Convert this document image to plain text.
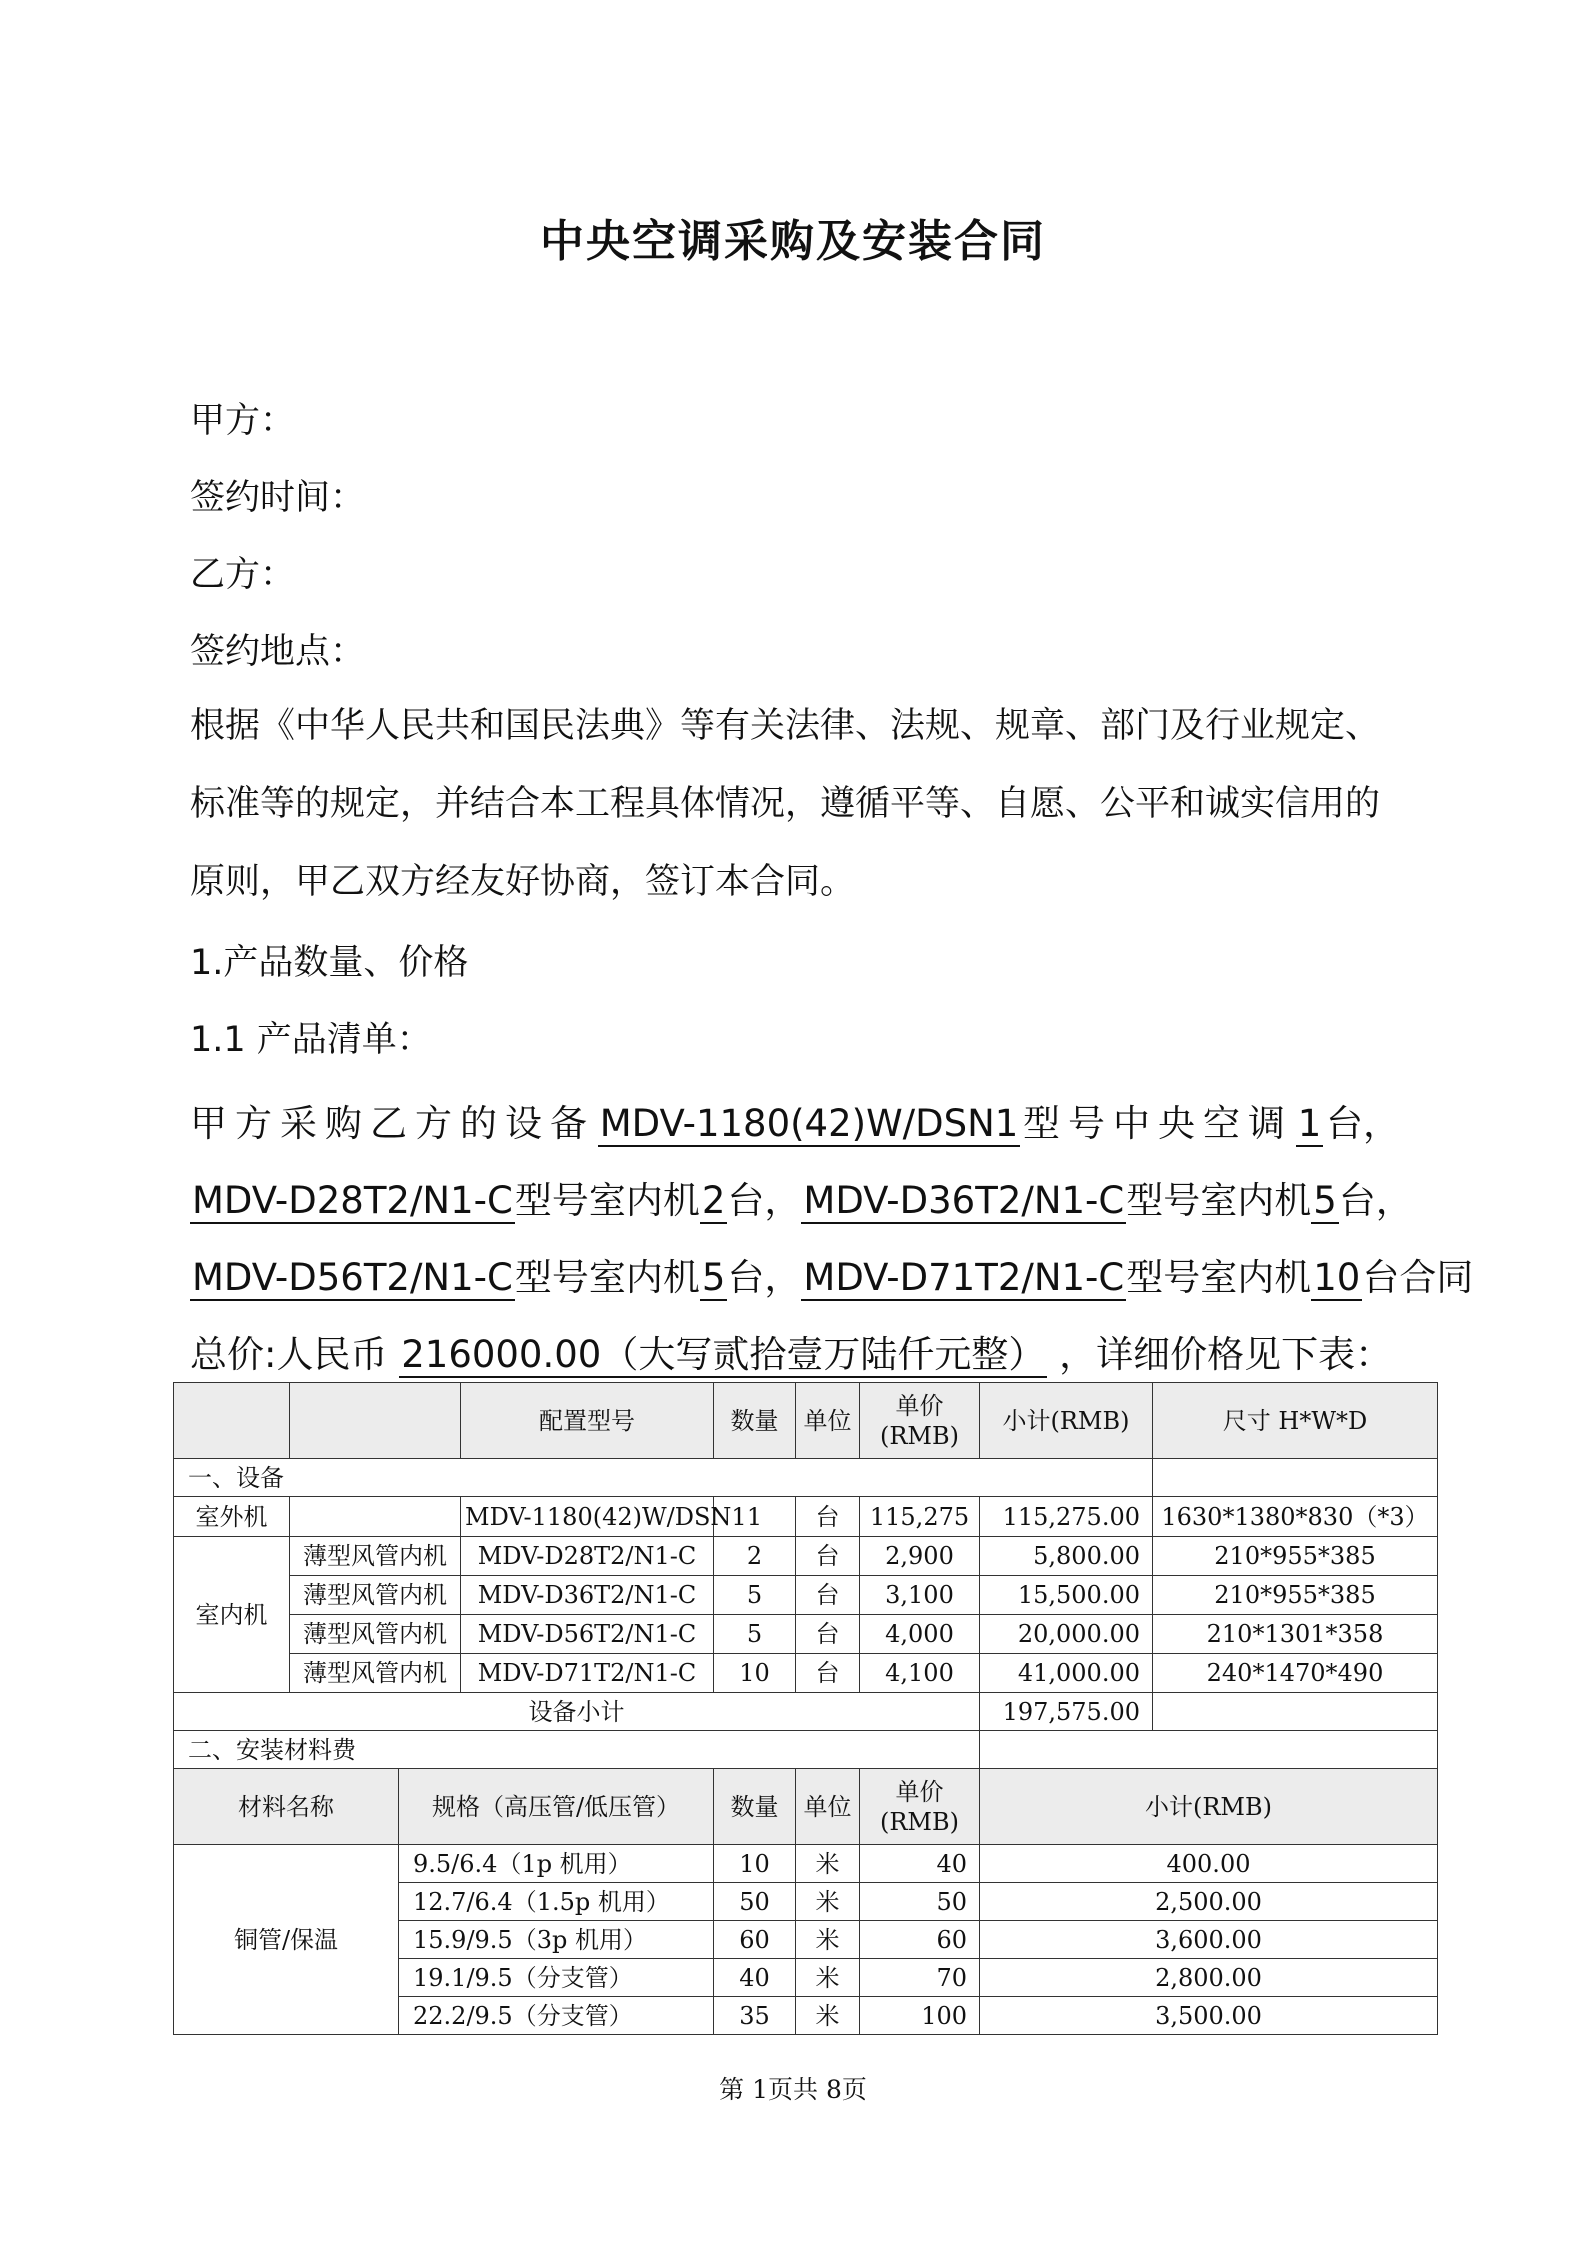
中央空调采购及安装合同
甲方：
签约时间：
乙方：
签约地点：
根据《中华人民共和国民法典》等有关法律、法规、规章、部门及行业规定、标准等的规定，并结合本工程具体情况，遵循平等、自愿、公平和诚实信用的原则，甲乙双方经友好协商，签订本合同。
1.产品数量、价格
1.1 产品清单：
甲方采购乙方的设备 MDV-1180(42)W/DSN1 型号中央空调 1 台，
MDV-D28T2/N1-C 型号室内机 2 台， MDV-D36T2/N1-C 型号室内机 5 台，
MDV-D56T2/N1-C 型号室内机 5 台， MDV-D71T2/N1-C 型号室内机 10 台合同
总价:人民币 216000.00（大写贰拾壹万陆仟元整） ，详细价格见下表：
			配置型号	数量	单位	单价(RMB)	小计(RMB)	尺寸 H*W*D
一、设备								
室外机			MDV-1180(42)W/DSN1	1	台	115,275	115,275.00	1630*1380*830（*3）
室内机	薄型风管内机		MDV-D28T2/N1-C	2	台	2,900	5,800.00	210*955*385
	薄型风管内机		MDV-D36T2/N1-C	5	台	3,100	15,500.00	210*955*385
	薄型风管内机		MDV-D56T2/N1-C	5	台	4,000	20,000.00	210*1301*358
	薄型风管内机		MDV-D71T2/N1-C	10	台	4,100	41,000.00	240*1470*490
设备小计							197,575.00	
二、安装材料费								
材料名称		规格（高压管/低压管）		数量	单位	单价(RMB)	小计(RMB)	
铜管/保温		9.5/6.4（1p 机用）		10	米	40	400.00	
		12.7/6.4（1.5p 机用）		50	米	50	2,500.00	
		15.9/9.5（3p 机用）		60	米	60	3,600.00	
		19.1/9.5（分支管）		40	米	70	2,800.00	
		22.2/9.5（分支管）		35	米	100	3,500.00	
第 1页共 8页
